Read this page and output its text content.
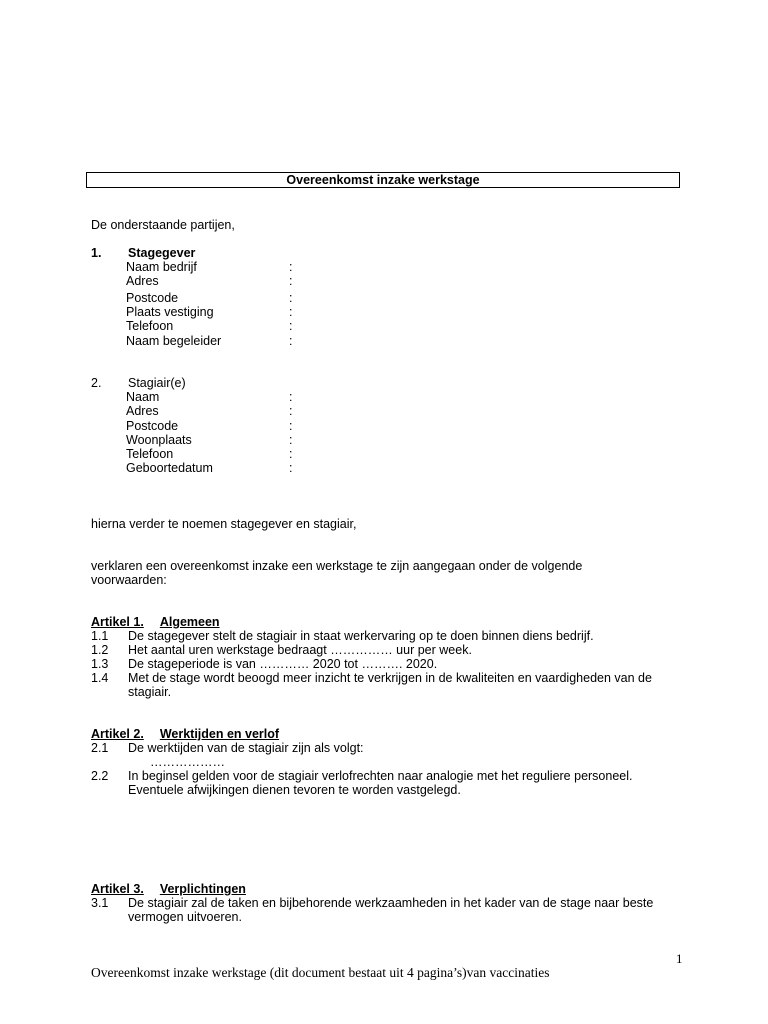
Overeenkomst inzake werkstage
De onderstaande partijen,
1. Stagegever
Naam bedrijf	:
Adres	:
Postcode	:
Plaats vestiging	:
Telefoon	:
Naam begeleider	:
2. Stagiair(e)
Naam	:
Adres	:
Postcode	:
Woonplaats	:
Telefoon	:
Geboortedatum	:
hierna verder te noemen stagegever en stagiair,
verklaren een overeenkomst inzake een werkstage te zijn aangegaan onder de volgende
voorwaarden:
Artikel 1. Algemeen
1.1 De stagegever stelt de stagiair in staat werkervaring op te doen binnen diens bedrijf.
1.2 Het aantal uren werkstage bedraagt …………… uur per week.
1.3 De stageperiode is van ………… 2020 tot ………. 2020.
1.4 Met de stage wordt beoogd meer inzicht te verkrijgen in de kwaliteiten en vaardigheden van de
stagiair.
Artikel 2. Werktijden en verlof
2.1 De werktijden van de stagiair zijn als volgt:
………………
2.2 In beginsel gelden voor de stagiair verlofrechten naar analogie met het reguliere personeel.
Eventuele afwijkingen dienen tevoren te worden vastgelegd.
Artikel 3. Verplichtingen
3.1 De stagiair zal de taken en bijbehorende werkzaamheden in het kader van de stage naar beste
vermogen uitvoeren.
1
Overeenkomst inzake werkstage (dit document bestaat uit 4 pagina’s)van vaccinaties
